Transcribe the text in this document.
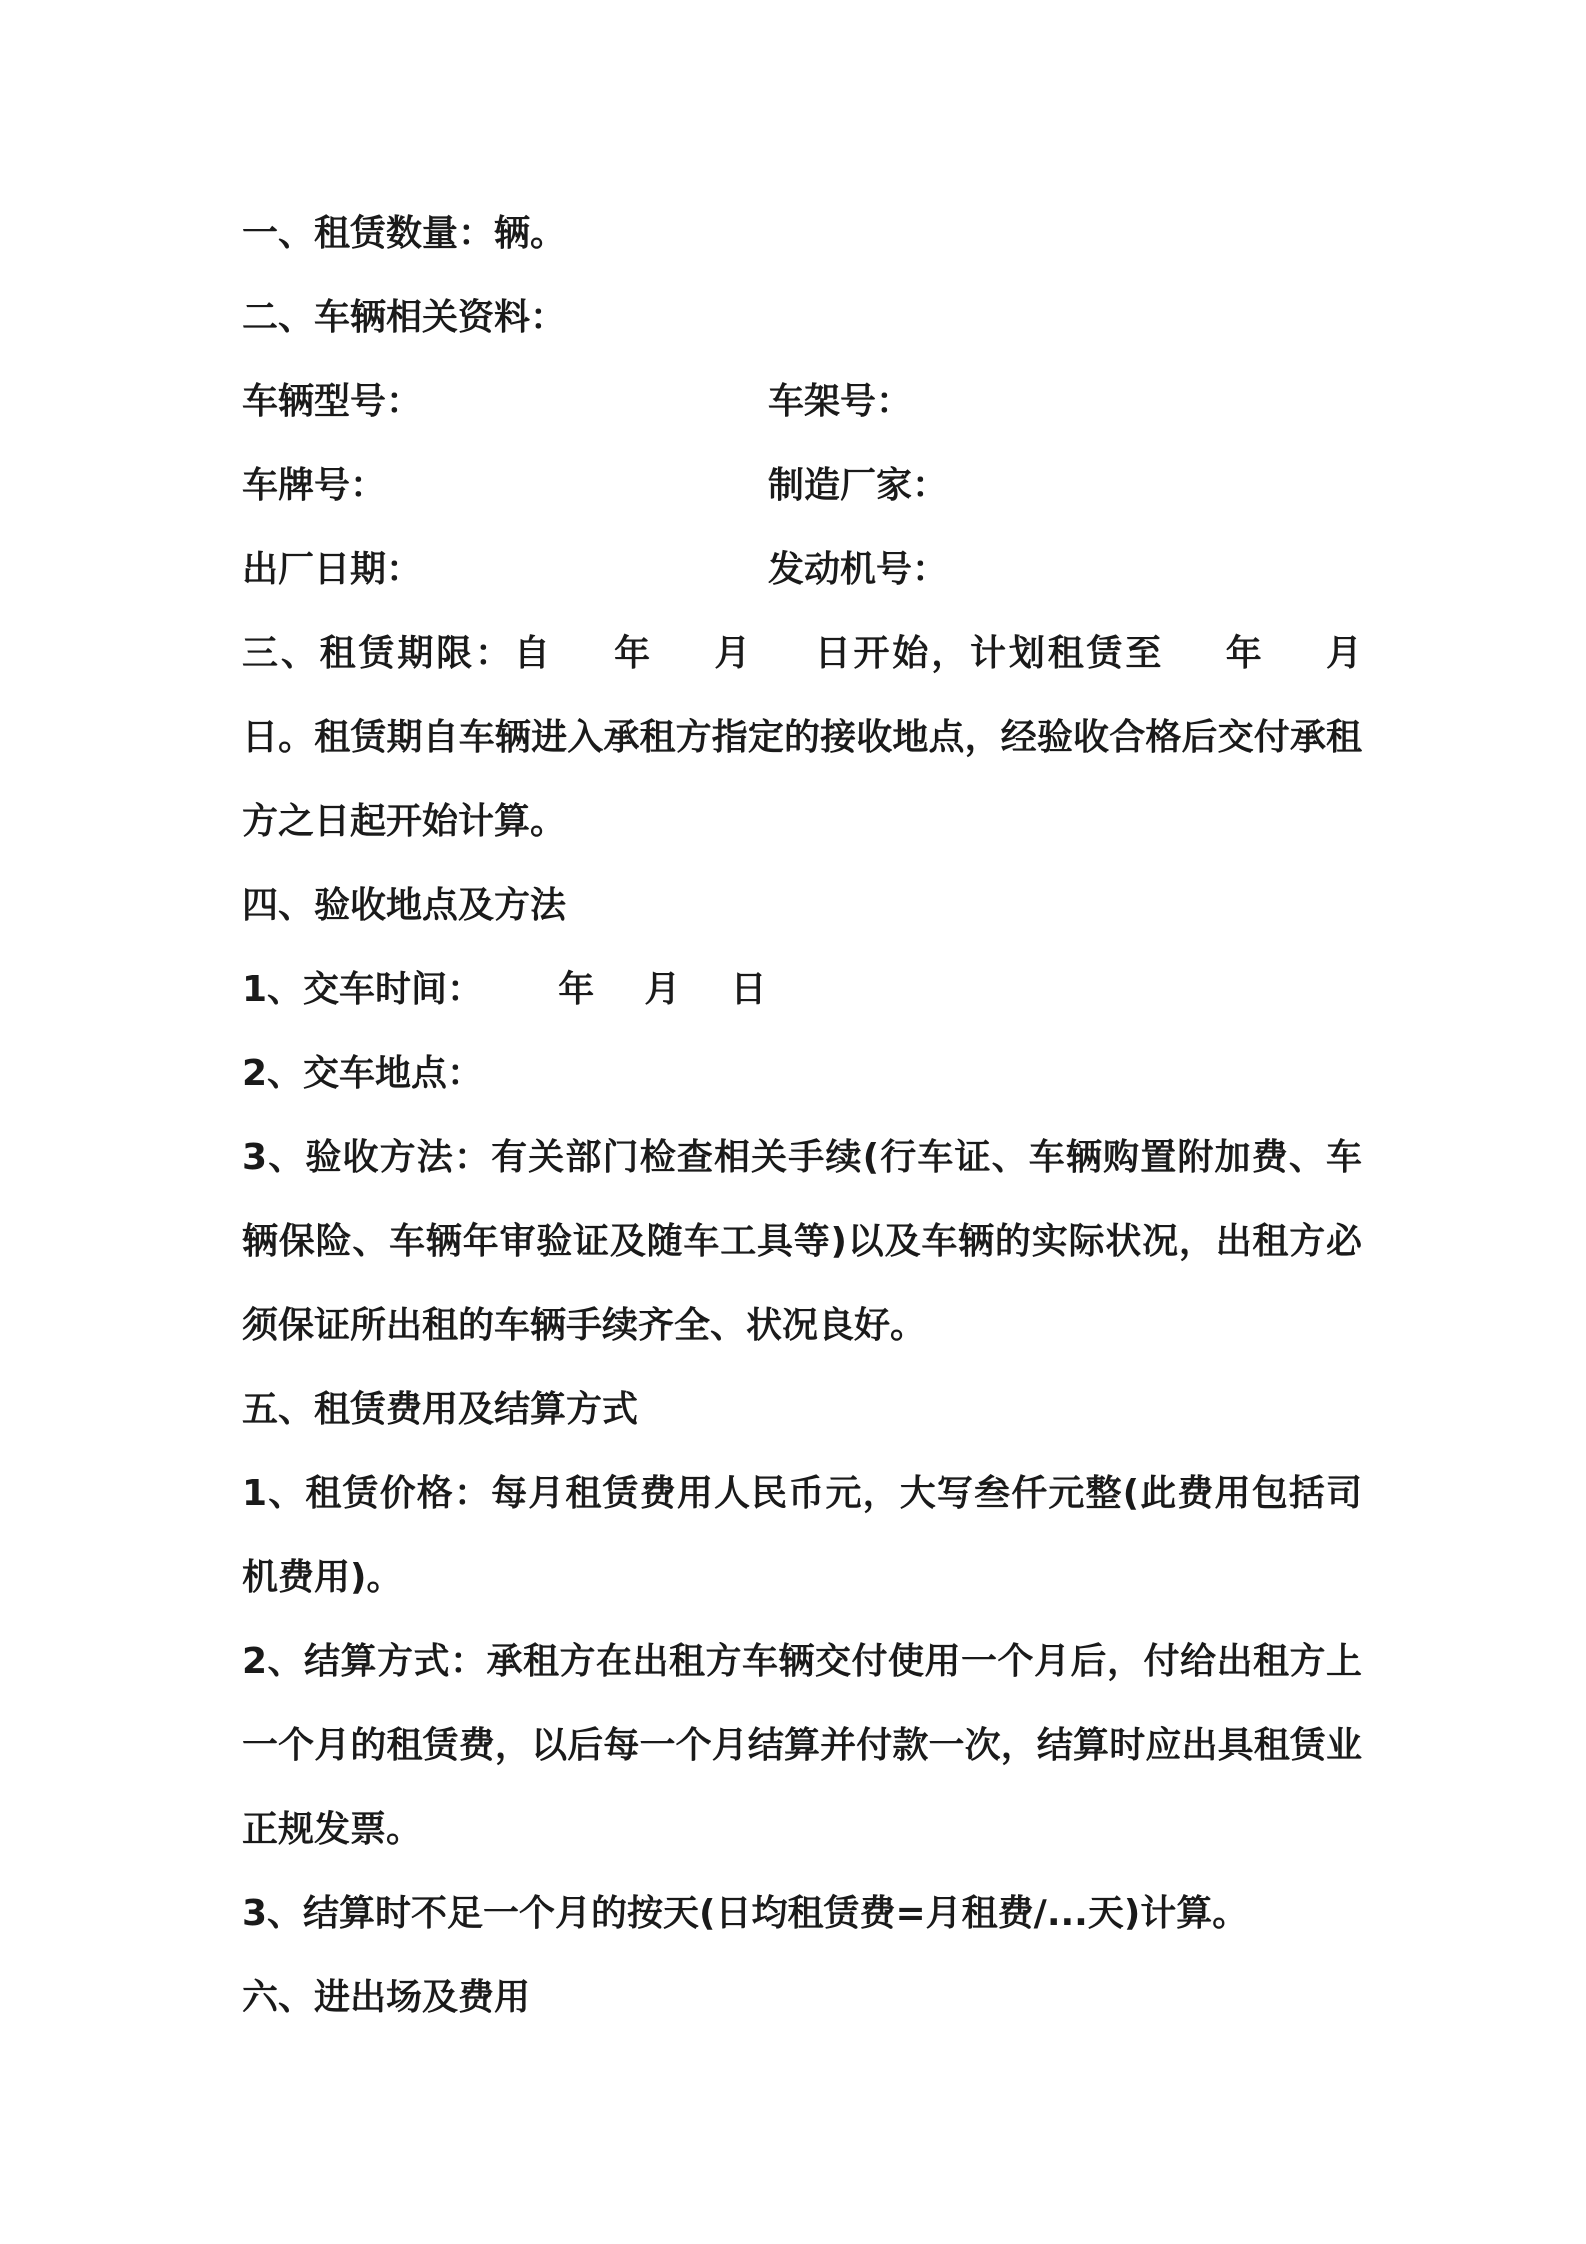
一、租赁数量：辆。

二、车辆相关资料：

车辆型号：	车架号：
车牌号：	制造厂家：
出厂日期：	发动机号：

三、租赁期限：自    年    月    日开始，计划租赁至    年    月    日。租赁期自车辆进入承租方指定的接收地点，经验收合格后交付承租方之日起开始计算。

四、验收地点及方法

1、交车时间：      年    月    日

2、交车地点：

3、验收方法：有关部门检查相关手续(行车证、车辆购置附加费、车辆保险、车辆年审验证及随车工具等)以及车辆的实际状况，出租方必须保证所出租的车辆手续齐全、状况良好。

五、租赁费用及结算方式

1、租赁价格：每月租赁费用人民币元，大写叁仟元整(此费用包括司机费用)。

2、结算方式：承租方在出租方车辆交付使用一个月后，付给出租方上一个月的租赁费，以后每一个月结算并付款一次，结算时应出具租赁业正规发票。

3、结算时不足一个月的按天(日均租赁费=月租费/...天)计算。

六、进出场及费用
